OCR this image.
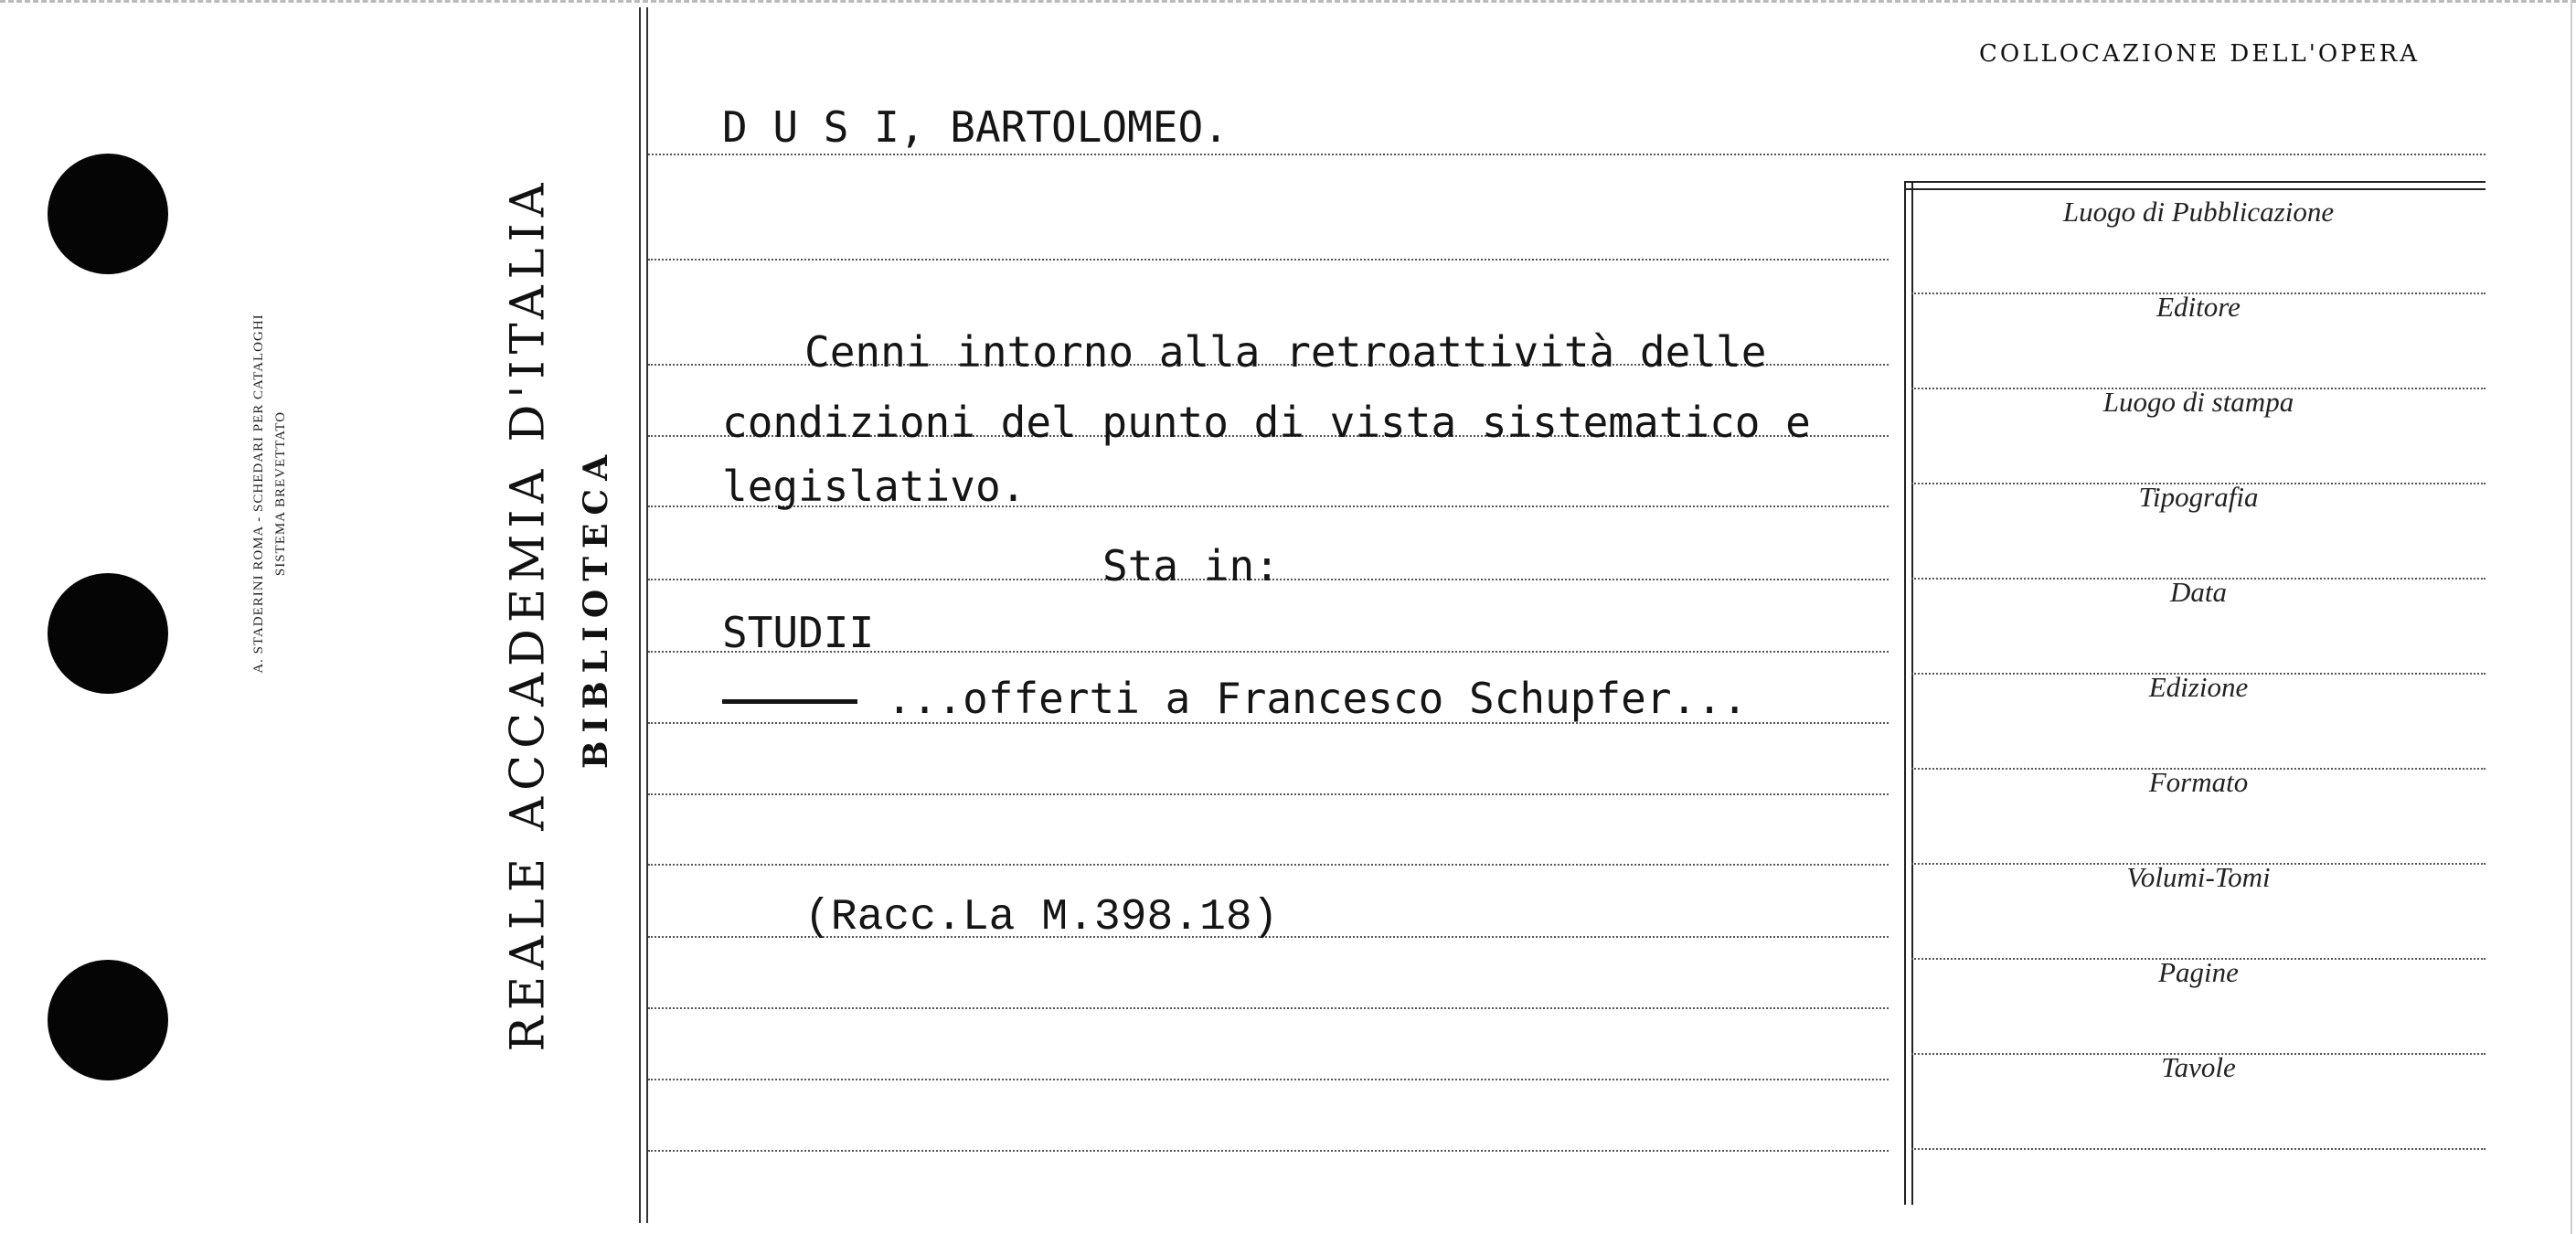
A. STADERINI ROMA - SCHEDARI PER CATALOGHI SISTEMA BREVETTATO	REALE ACCADEMIA D'ITALIA BIBLIOTECA
D U S I, BARTOLOMEO.
Cenni intorno alla retroattività delle
condizioni del punto di vista sistematico e
legislativo.
Sta in:
STUDII
...offerti a Francesco Schupfer...
(Racc.La M.398.18)
COLLOCAZIONE DELL'OPERA
Luogo di Pubblicazione
Editore
Luogo di stampa
Tipografia
Data
Edizione
Formato
Volumi-Tomi
Pagine
Tavole
